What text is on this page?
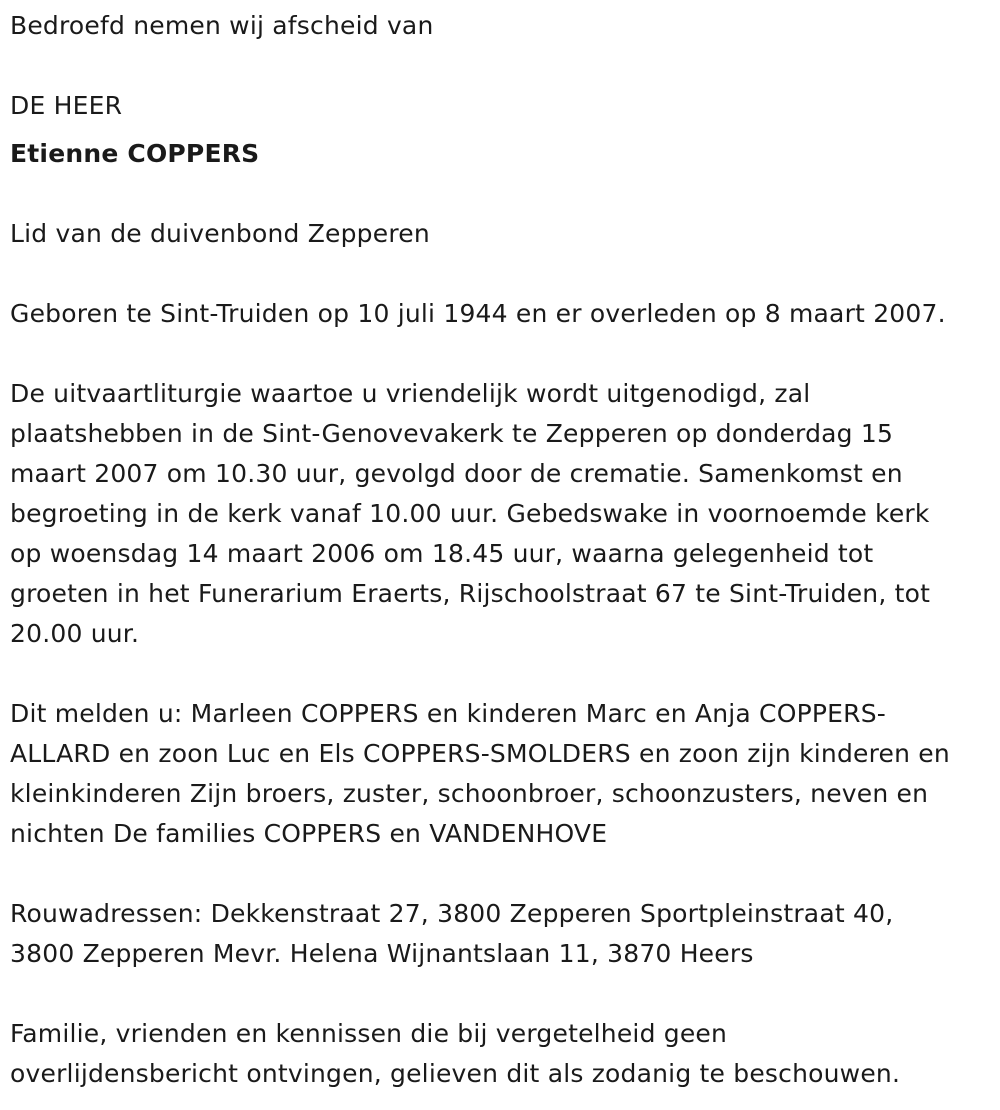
Bedroefd nemen wij afscheid van

DE HEER

Etienne COPPERS

Lid van de duivenbond Zepperen

Geboren te Sint-Truiden op 10 juli 1944 en er overleden op 8 maart 2007.

De uitvaartliturgie waartoe u vriendelijk wordt uitgenodigd, zal

plaatshebben in de Sint-Genovevakerk te Zepperen op donderdag 15

maart 2007 om 10.30 uur, gevolgd door de crematie. Samenkomst en

begroeting in de kerk vanaf 10.00 uur. Gebedswake in voornoemde kerk

op woensdag 14 maart 2006 om 18.45 uur, waarna gelegenheid tot

groeten in het Funerarium Eraerts, Rijschoolstraat 67 te Sint-Truiden, tot

20.00 uur.

Dit melden u: Marleen COPPERS en kinderen Marc en Anja COPPERS-

ALLARD en zoon Luc en Els COPPERS-SMOLDERS en zoon zijn kinderen en

kleinkinderen Zijn broers, zuster, schoonbroer, schoonzusters, neven en

nichten De families COPPERS en VANDENHOVE

Rouwadressen: Dekkenstraat 27, 3800 Zepperen Sportpleinstraat 40,

3800 Zepperen Mevr. Helena Wijnantslaan 11, 3870 Heers

Familie, vrienden en kennissen die bij vergetelheid geen

overlijdensbericht ontvingen, gelieven dit als zodanig te beschouwen.
